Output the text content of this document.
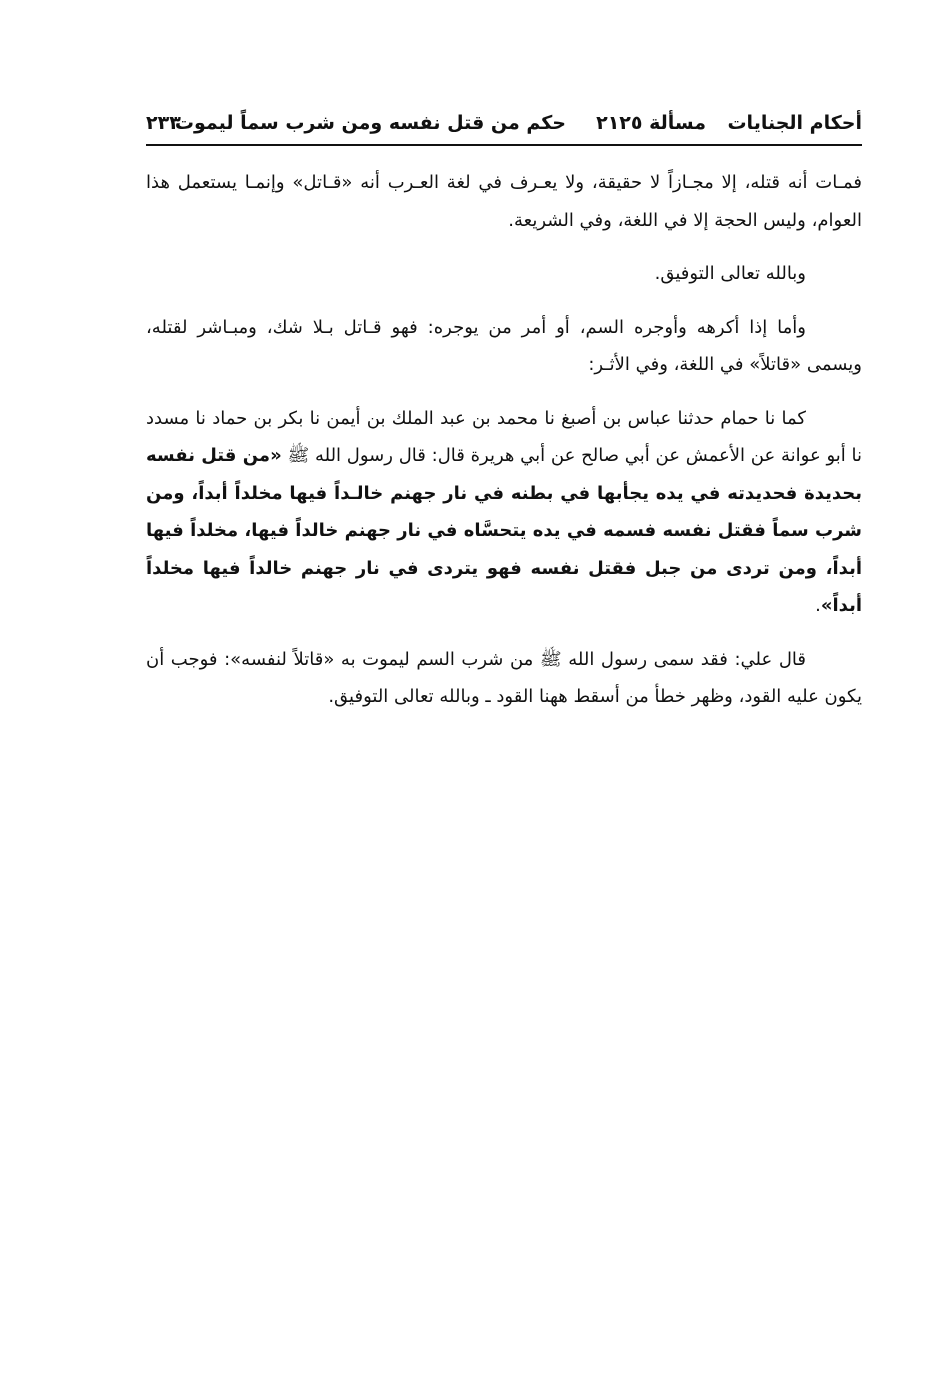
أحكام الجنايات
مسألة ٢١٢٥
حكم من قتل نفسه ومن شرب سماً ليموت
٢٣٣

فمـات أنه قتله، إلا مجـازاً لا حقيقة، ولا يعـرف في لغة العـرب أنه «قـاتل» وإنمـا يستعمل هذا العوام، وليس الحجة إلا في اللغة، وفي الشريعة.

وبالله تعالى التوفيق.

وأما إذا أكرهه وأوجره السم، أو أمر من يوجره: فهو قـاتل بـلا شك، ومبـاشر لقتله، ويسمى «قاتلاً» في اللغة، وفي الأثـر:

كما نا حمام حدثنا عباس بن أصبغ نا محمد بن عبد الملك بن أيمن نا بكر بن حماد نا مسدد نا أبو عوانة عن الأعمش عن أبي صالح عن أبي هريرة قال: قال رسول الله ﷺ «من قتل نفسه بحديدة فحديدته في يده يجأبها في بطنه في نار جهنم خالـداً فيها مخلداً أبداً، ومن شرب سماً فقتل نفسه فسمه في يده يتحسَّاه في نار جهنم خالداً فيها، مخلداً فيها أبداً، ومن تردى من جبل فقتل نفسه فهو يتردى في نار جهنم خالداً فيها مخلداً أبداً».

قال علي: فقد سمى رسول الله ﷺ من شرب السم ليموت به «قاتلاً لنفسه»: فوجب أن يكون عليه القود، وظهر خطأ من أسقط ههنا القود ـ وبالله تعالى التوفيق.
